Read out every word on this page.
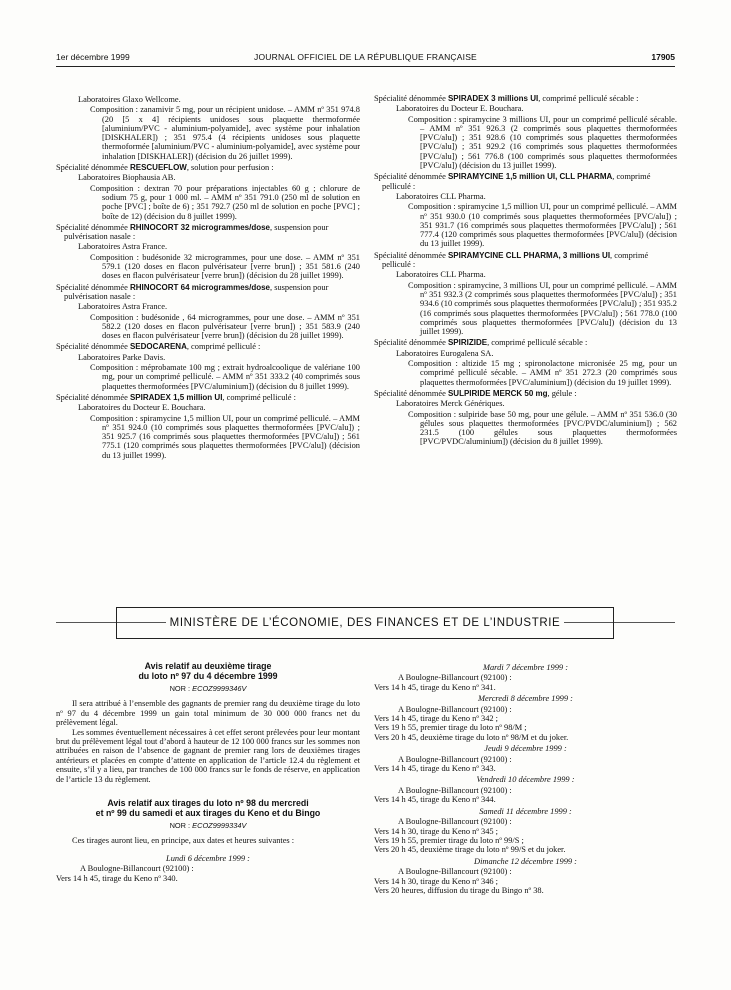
1er décembre 1999	JOURNAL OFFICIEL DE LA RÉPUBLIQUE FRANÇAISE	17905

Laboratoires Glaxo Wellcome.

Composition : zanamivir 5 mg, pour un récipient unidose. – AMM nº 351 974.8 (20 [5 x 4] récipients unidoses sous plaquette thermoformée [aluminium/PVC - aluminium-polyamide], avec système pour inhalation [DISKHALER]) ; 351 975.4 (4 récipients unidoses sous plaquette thermoformée [aluminium/PVC - aluminium-polyamide], avec système pour inhalation [DISKHALER]) (décision du 26 juillet 1999).

Spécialité dénommée RESCUEFLOW, solution pour perfusion :

Laboratoires Biophausia AB.

Composition : dextran 70 pour préparations injectables 60 g ; chlorure de sodium 75 g, pour 1 000 ml. – AMM nº 351 791.0 (250 ml de solution en poche [PVC] ; boîte de 6) ; 351 792.7 (250 ml de solution en poche [PVC] ; boîte de 12) (décision du 8 juillet 1999).

Spécialité dénommée RHINOCORT 32 microgrammes/dose, suspension pour pulvérisation nasale :

Laboratoires Astra France.

Composition : budésonide 32 microgrammes, pour une dose. – AMM nº 351 579.1 (120 doses en flacon pulvérisateur [verre brun]) ; 351 581.6 (240 doses en flacon pulvérisateur [verre brun]) (décision du 28 juillet 1999).

Spécialité dénommée RHINOCORT 64 microgrammes/dose, suspension pour pulvérisation nasale :

Laboratoires Astra France.

Composition : budésonide , 64 microgrammes, pour une dose. – AMM nº 351 582.2 (120 doses en flacon pulvérisateur [verre brun]) ; 351 583.9 (240 doses en flacon pulvérisateur [verre brun]) (décision du 28 juillet 1999).

Spécialité dénommée SEDOCARENA, comprimé pelliculé :

Laboratoires Parke Davis.

Composition : méprobamate 100 mg ; extrait hydroalcoolique de valériane 100 mg, pour un comprimé pelliculé. – AMM nº 351 333.2 (40 comprimés sous plaquettes thermoformées [PVC/aluminium]) (décision du 8 juillet 1999).

Spécialité dénommée SPIRADEX 1,5 million UI, comprimé pelliculé :

Laboratoires du Docteur E. Bouchara.

Composition : spiramycine 1,5 million UI, pour un comprimé pelliculé. – AMM nº 351 924.0 (10 comprimés sous plaquettes thermoformées [PVC/alu]) ; 351 925.7 (16 comprimés sous plaquettes thermoformées [PVC/alu]) ; 561 775.1 (120 comprimés sous plaquettes thermoformées [PVC/alu]) (décision du 13 juillet 1999).

Spécialité dénommée SPIRADEX 3 millions UI, comprimé pelliculé sécable :

Laboratoires du Docteur E. Bouchara.

Composition : spiramycine 3 millions UI, pour un comprimé pelliculé sécable. – AMM nº 351 926.3 (2 comprimés sous plaquettes thermoformées [PVC/alu]) ; 351 928.6 (10 comprimés sous plaquettes thermoformées [PVC/alu]) ; 351 929.2 (16 comprimés sous plaquettes thermoformées [PVC/alu]) ; 561 776.8 (100 comprimés sous plaquettes thermoformées [PVC/alu]) (décision du 13 juillet 1999).

Spécialité dénommée SPIRAMYCINE 1,5 million UI, CLL PHARMA, comprimé pelliculé :

Laboratoires CLL Pharma.

Composition : spiramycine 1,5 million UI, pour un comprimé pelliculé. – AMM nº 351 930.0 (10 comprimés sous plaquettes thermoformées [PVC/alu]) ; 351 931.7 (16 comprimés sous plaquettes thermoformées [PVC/alu]) ; 561 777.4 (120 comprimés sous plaquettes thermoformées [PVC/alu]) (décision du 13 juillet 1999).

Spécialité dénommée SPIRAMYCINE CLL PHARMA, 3 millions UI, comprimé pelliculé :

Laboratoires CLL Pharma.

Composition : spiramycine, 3 millions UI, pour un comprimé pelliculé. – AMM nº 351 932.3 (2 comprimés sous plaquettes thermoformées [PVC/alu]) ; 351 934.6 (10 comprimés sous plaquettes thermoformées [PVC/alu]) ; 351 935.2 (16 comprimés sous plaquettes thermoformées [PVC/alu]) ; 561 778.0 (100 comprimés sous plaquettes thermoformées [PVC/alu]) (décision du 13 juillet 1999).

Spécialité dénommée SPIRIZIDE, comprimé pelliculé sécable :

Laboratoires Eurogalena SA.

Composition : altizide 15 mg ; spironolactone micronisée 25 mg, pour un comprimé pelliculé sécable. – AMM nº 351 272.3 (20 comprimés sous plaquettes thermoformées [PVC/aluminium]) (décision du 19 juillet 1999).

Spécialité dénommée SULPIRIDE MERCK 50 mg, gélule :

Laboratoires Merck Génériques.

Composition : sulpiride base 50 mg, pour une gélule. – AMM nº 351 536.0 (30 gélules sous plaquettes thermoformées [PVC/PVDC/aluminium]) ; 562 231.5 (100 gélules sous plaquettes thermoformées [PVC/PVDC/aluminium]) (décision du 8 juillet 1999).

MINISTÈRE DE L’ÉCONOMIE, DES FINANCES ET DE L’INDUSTRIE

Avis relatif au deuxième tirage

du loto nº 97 du 4 décembre 1999

NOR : ECOZ9999346V

Il sera attribué à l’ensemble des gagnants de premier rang du deuxième tirage du loto nº 97 du 4 décembre 1999 un gain total minimum de 30 000 000 francs net du prélèvement légal.

Les sommes éventuellement nécessaires à cet effet seront prélevées pour leur montant brut du prélèvement légal tout d’abord à hauteur de 12 100 000 francs sur les sommes non attribuées en raison de l’absence de gagnant de premier rang lors de deuxièmes tirages antérieurs et placées en compte d’attente en application de l’article 12.4 du règlement et ensuite, s’il y a lieu, par tranches de 100 000 francs sur le fonds de réserve, en application de l’article 13 du règlement.

Avis relatif aux tirages du loto nº 98 du mercredi

et nº 99 du samedi et aux tirages du Keno et du Bingo

NOR : ECOZ9999334V

Ces tirages auront lieu, en principe, aux dates et heures suivantes :

Lundi 6 décembre 1999 :

A Boulogne-Billancourt (92100) :

Vers 14 h 45, tirage du Keno nº 340.

Mardi 7 décembre 1999 :

A Boulogne-Billancourt (92100) :

Vers 14 h 45, tirage du Keno nº 341.

Mercredi 8 décembre 1999 :

A Boulogne-Billancourt (92100) :

Vers 14 h 45, tirage du Keno nº 342 ;

Vers 19 h 55, premier tirage du loto nº 98/M ;

Vers 20 h 45, deuxième tirage du loto nº 98/M et du joker.

Jeudi 9 décembre 1999 :

A Boulogne-Billancourt (92100) :

Vers 14 h 45, tirage du Keno nº 343.

Vendredi 10 décembre 1999 :

A Boulogne-Billancourt (92100) :

Vers 14 h 45, tirage du Keno nº 344.

Samedi 11 décembre 1999 :

A Boulogne-Billancourt (92100) :

Vers 14 h 30, tirage du Keno nº 345 ;

Vers 19 h 55, premier tirage du loto nº 99/S ;

Vers 20 h 45, deuxième tirage du loto nº 99/S et du joker.

Dimanche 12 décembre 1999 :

A Boulogne-Billancourt (92100) :

Vers 14 h 30, tirage du Keno nº 346 ;

Vers 20 heures, diffusion du tirage du Bingo nº 38.
